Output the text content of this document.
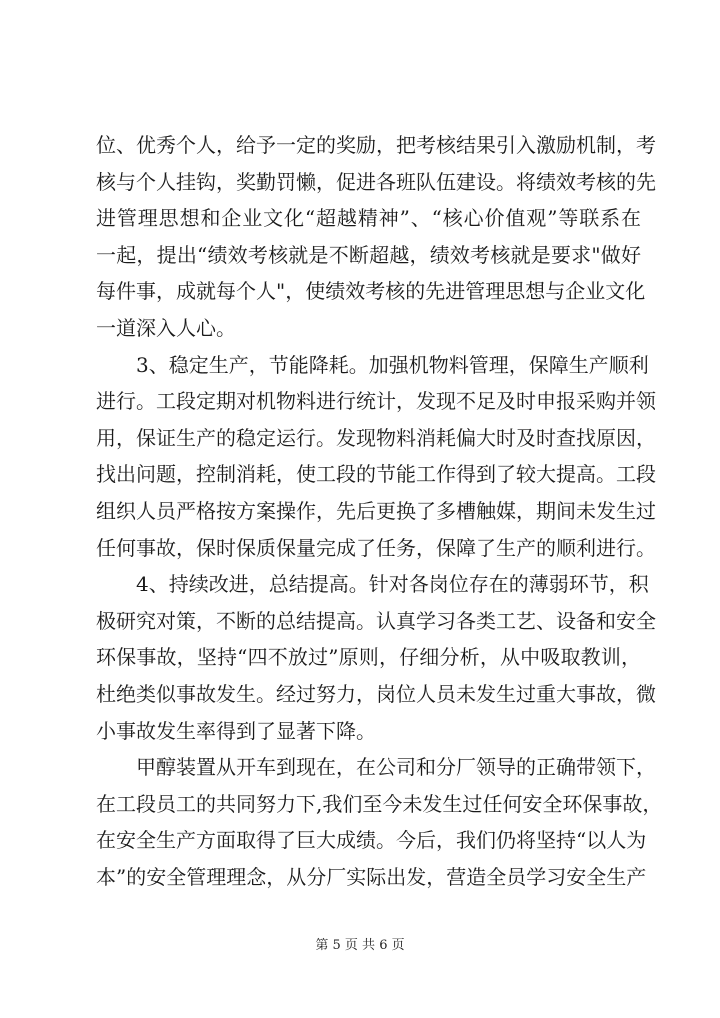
位、优秀个人，给予一定的奖励，把考核结果引入激励机制，考
核与个人挂钩，奖勤罚懒，促进各班队伍建设。将绩效考核的先
进管理思想和企业文化“超越精神”、“核心价值观”等联系在
一起，提出“绩效考核就是不断超越，绩效考核就是要求"做好
每件事，成就每个人"，使绩效考核的先进管理思想与企业文化
一道深入人心。
3、稳定生产，节能降耗。加强机物料管理，保障生产顺利
进行。工段定期对机物料进行统计，发现不足及时申报采购并领
用，保证生产的稳定运行。发现物料消耗偏大时及时查找原因，
找出问题，控制消耗，使工段的节能工作得到了较大提高。工段
组织人员严格按方案操作，先后更换了多槽触媒，期间未发生过
任何事故，保时保质保量完成了任务，保障了生产的顺利进行。
4、持续改进，总结提高。针对各岗位存在的薄弱环节，积
极研究对策，不断的总结提高。认真学习各类工艺、设备和安全
环保事故，坚持“四不放过”原则，仔细分析，从中吸取教训，
杜绝类似事故发生。经过努力，岗位人员未发生过重大事故，微
小事故发生率得到了显著下降。
甲醇装置从开车到现在，在公司和分厂领导的正确带领下，
在工段员工的共同努力下,我们至今未发生过任何安全环保事故，
在安全生产方面取得了巨大成绩。今后，我们仍将坚持“以人为
本”的安全管理理念，从分厂实际出发，营造全员学习安全生产
第 5 页 共 6 页
